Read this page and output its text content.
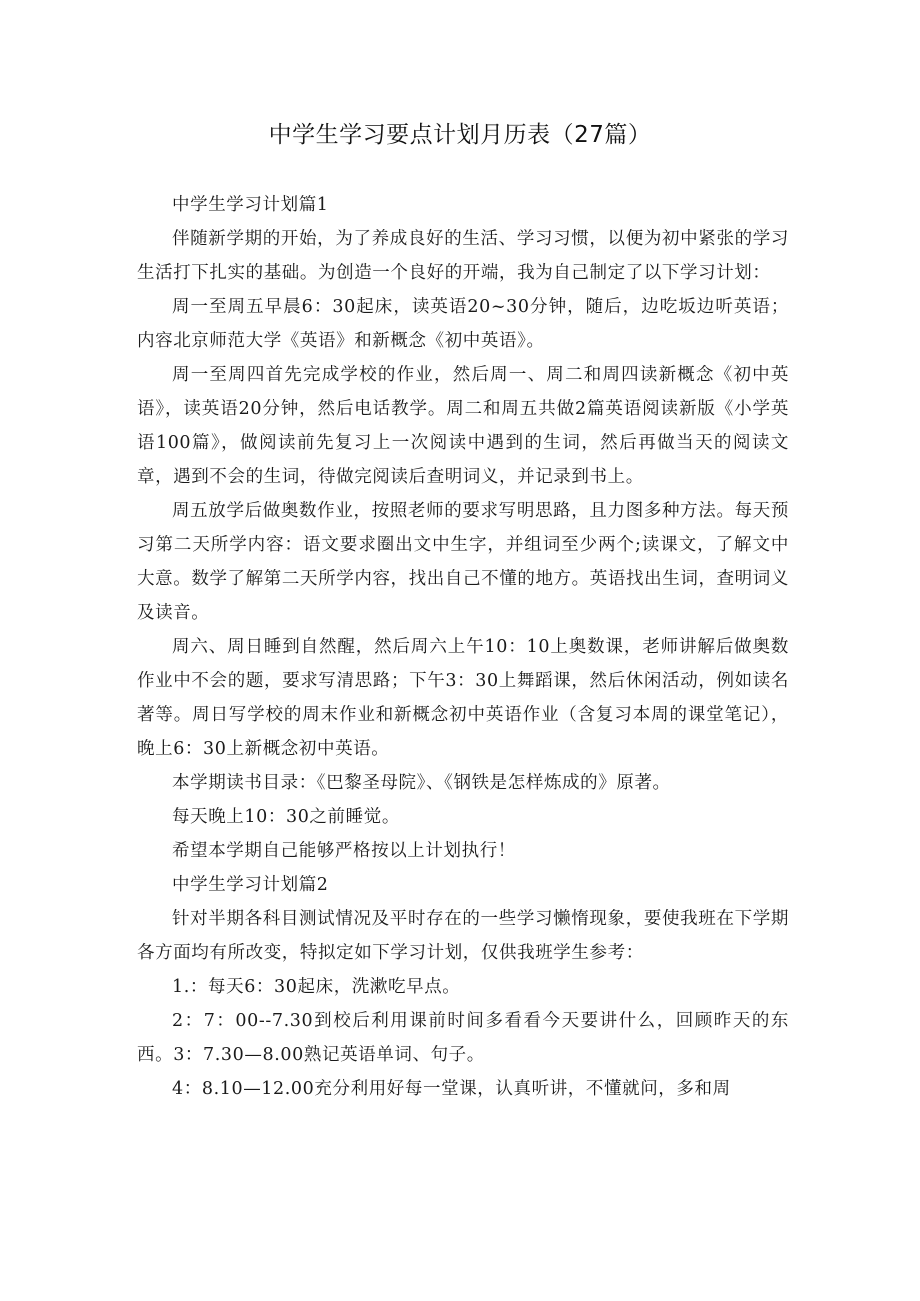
中学生学习要点计划月历表（27篇）

中学生学习计划篇1

伴随新学期的开始，为了养成良好的生活、学习习惯，以便为初中紧张的学习生活打下扎实的基础。为创造一个良好的开端，我为自己制定了以下学习计划：

周一至周五早晨6：30起床，读英语20~30分钟，随后，边吃坂边听英语；内容北京师范大学《英语》和新概念《初中英语》。

周一至周四首先完成学校的作业，然后周一、周二和周四读新概念《初中英语》，读英语20分钟，然后电话教学。周二和周五共做2篇英语阅读新版《小学英语100篇》，做阅读前先复习上一次阅读中遇到的生词，然后再做当天的阅读文章，遇到不会的生词，待做完阅读后查明词义，并记录到书上。

周五放学后做奥数作业，按照老师的要求写明思路，且力图多种方法。每天预习第二天所学内容：语文要求圈出文中生字，并组词至少两个;读课文，了解文中大意。数学了解第二天所学内容，找出自己不懂的地方。英语找出生词，查明词义及读音。

周六、周日睡到自然醒，然后周六上午10：10上奥数课，老师讲解后做奥数作业中不会的题，要求写清思路；下午3：30上舞蹈课，然后休闲活动，例如读名著等。周日写学校的周末作业和新概念初中英语作业（含复习本周的课堂笔记），晚上6：30上新概念初中英语。

本学期读书目录：《巴黎圣母院》、《钢铁是怎样炼成的》原著。

每天晚上10：30之前睡觉。

希望本学期自己能够严格按以上计划执行！

中学生学习计划篇2

针对半期各科目测试情况及平时存在的一些学习懒惰现象，要使我班在下学期各方面均有所改变，特拟定如下学习计划，仅供我班学生参考：

1.：每天6：30起床，洗漱吃早点。

2：7：00--7.30到校后利用课前时间多看看今天要讲什么，回顾昨天的东西。3：7.30—8.00熟记英语单词、句子。

4：8.10—12.00充分利用好每一堂课，认真听讲，不懂就问，多和周
